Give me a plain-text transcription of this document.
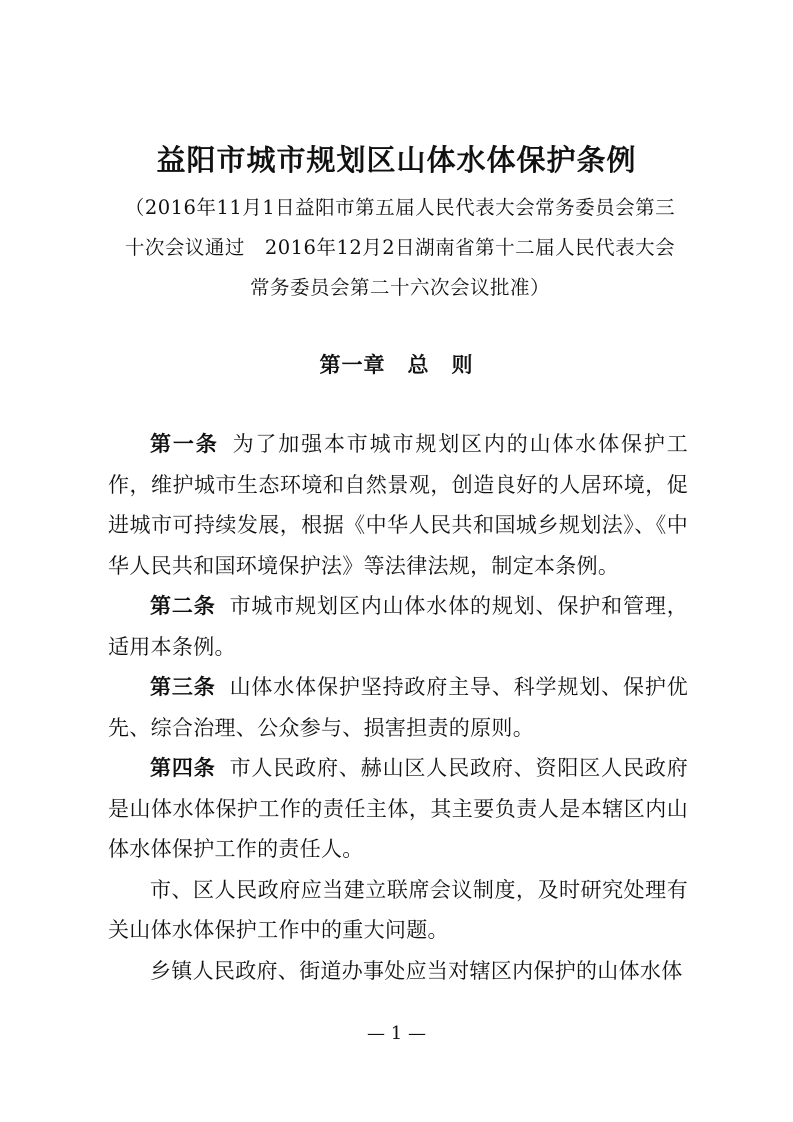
益阳市城市规划区山体水体保护条例

（2016年11月1日益阳市第五届人民代表大会常务委员会第三
十次会议通过　2016年12月2日湖南省第十二届人民代表大会
常务委员会第二十六次会议批准）

第一章 总　则

第一条 为了加强本市城市规划区内的山体水体保护工作，维护城市生态环境和自然景观，创造良好的人居环境，促进城市可持续发展，根据《中华人民共和国城乡规划法》、《中华人民共和国环境保护法》等法律法规，制定本条例。

第二条 市城市规划区内山体水体的规划、保护和管理，适用本条例。

第三条 山体水体保护坚持政府主导、科学规划、保护优先、综合治理、公众参与、损害担责的原则。

第四条 市人民政府、赫山区人民政府、资阳区人民政府是山体水体保护工作的责任主体，其主要负责人是本辖区内山体水体保护工作的责任人。

市、区人民政府应当建立联席会议制度，及时研究处理有关山体水体保护工作中的重大问题。

乡镇人民政府、街道办事处应当对辖区内保护的山体水体

— 1 —
